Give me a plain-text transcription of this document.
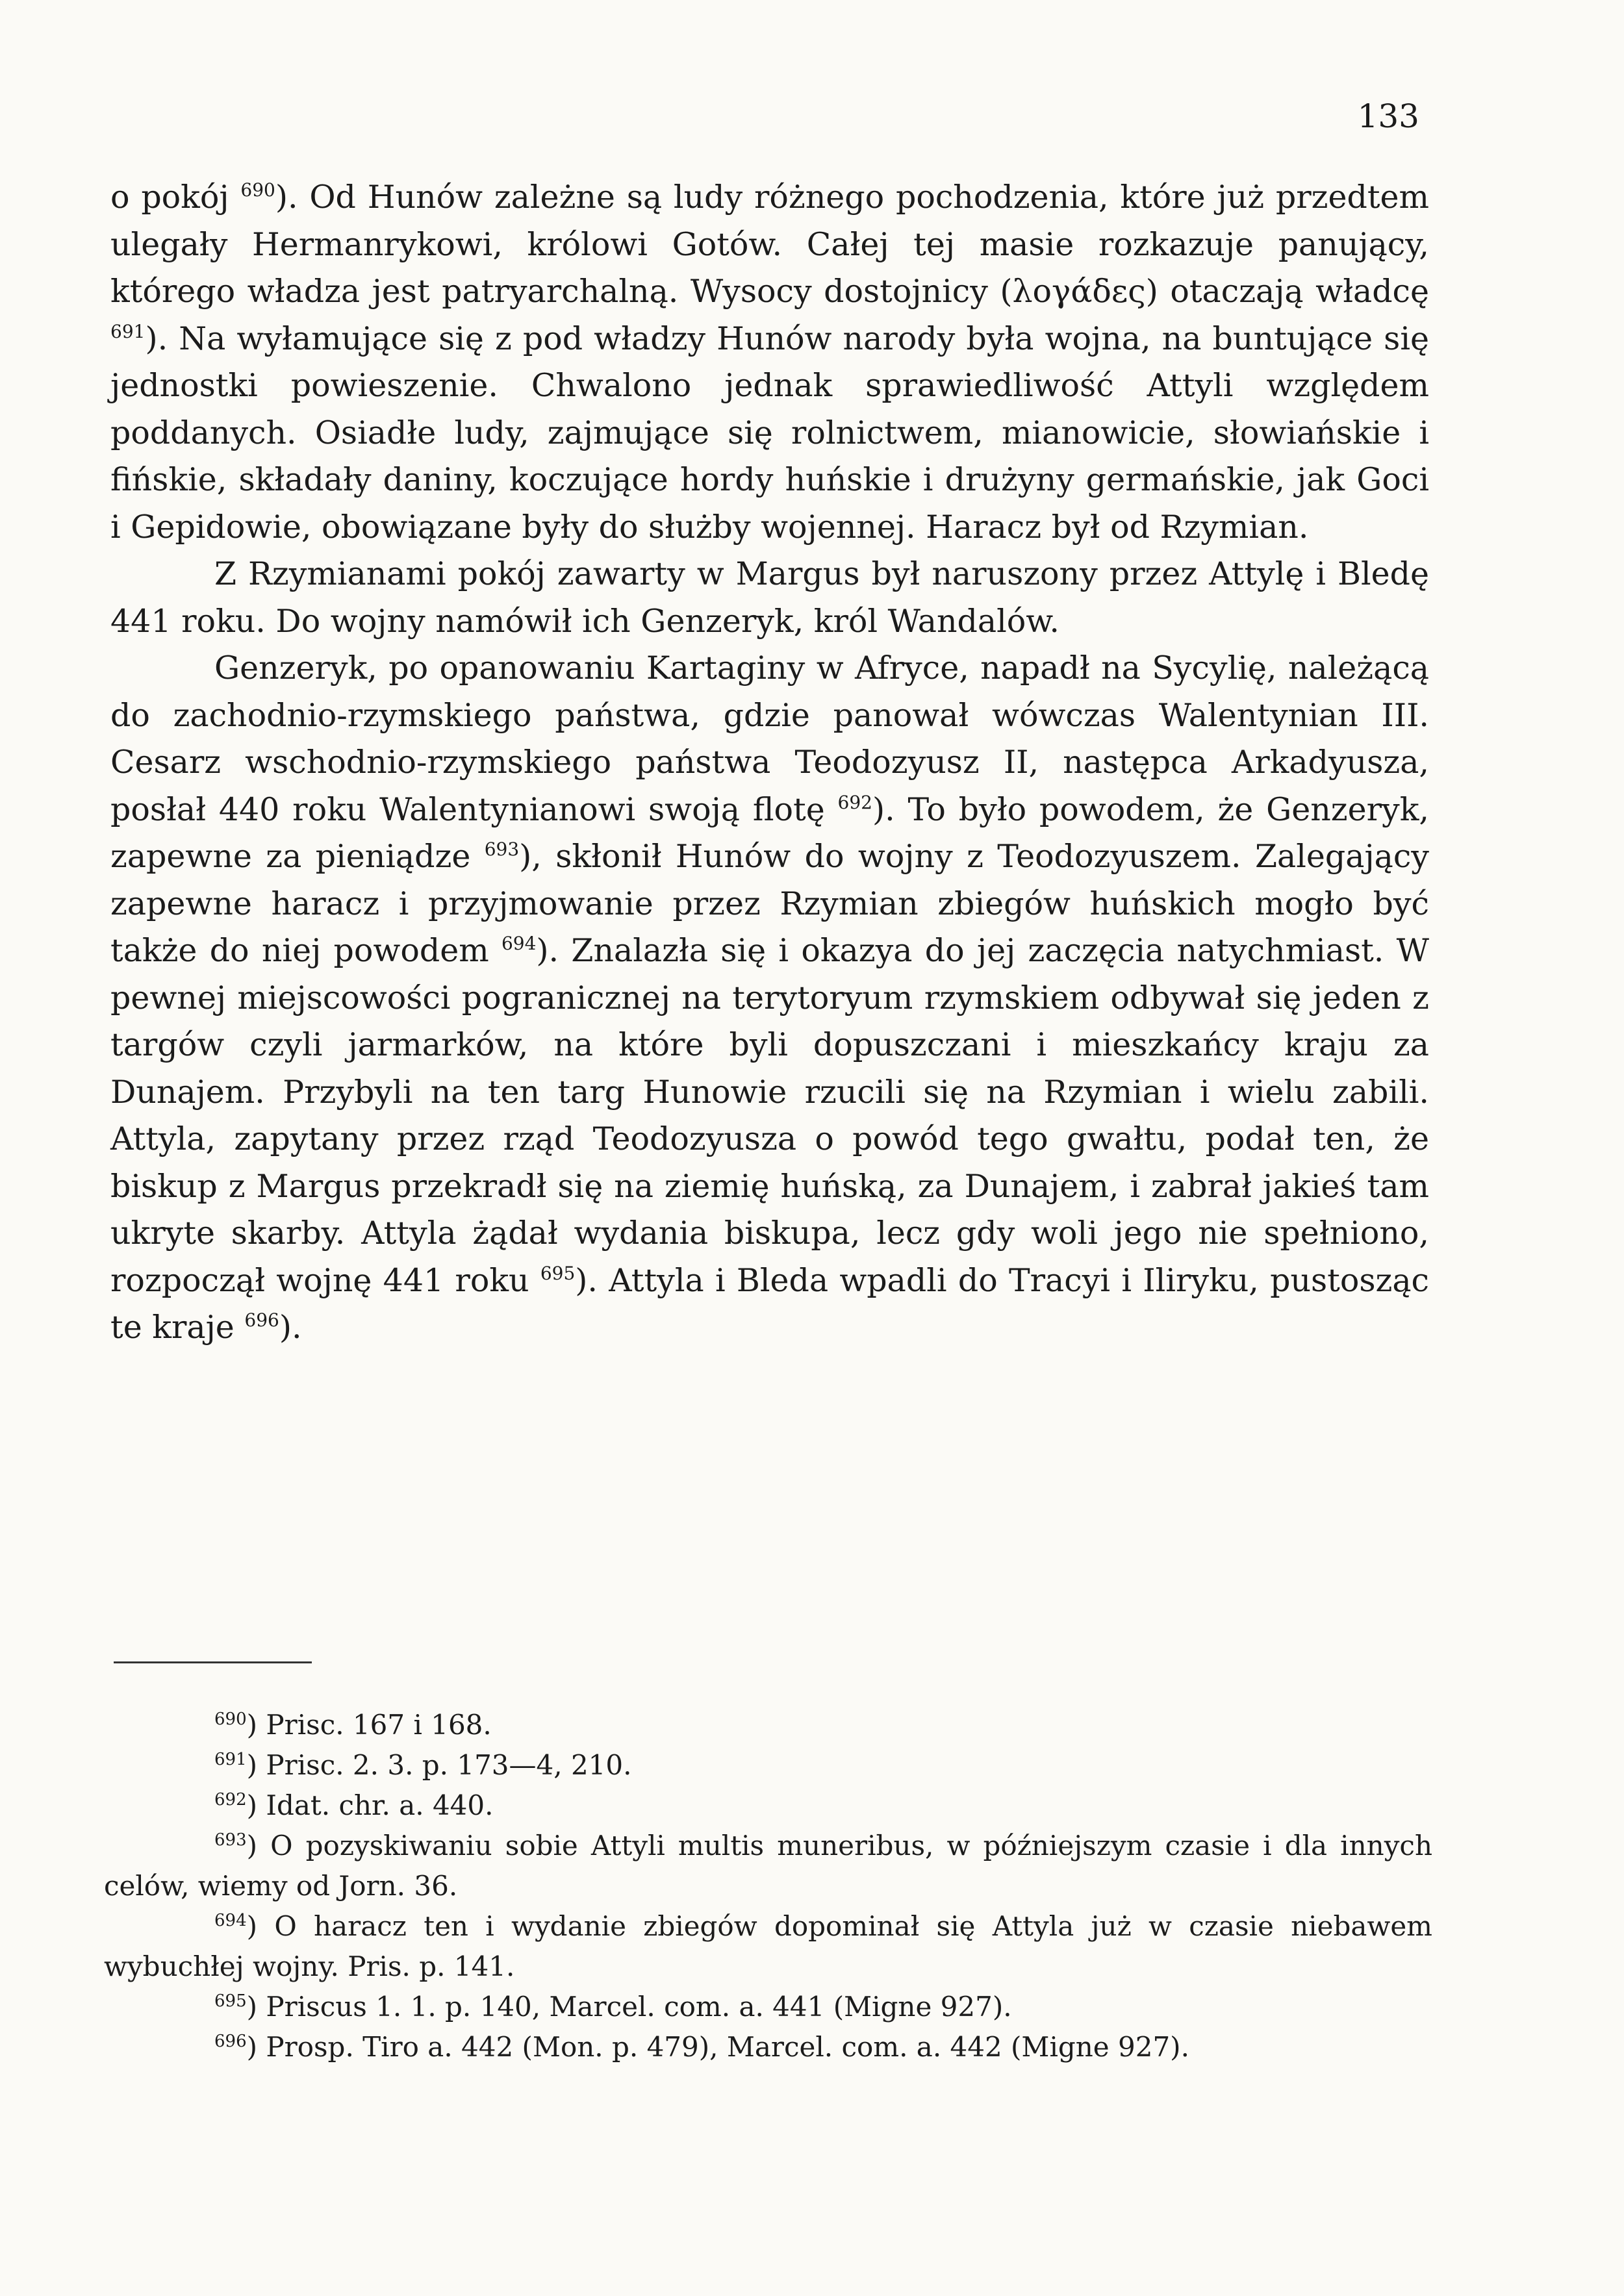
133

o pokój $^{690}$). Od Hunów zależne są ludy różnego pochodzenia, które już przedtem ulegały Hermanrykowi, królowi Gotów. Całej tej masie rozkazuje panujący, którego władza jest patryarchalną. Wysocy dostojnicy (λογάδες) otaczają władcę $^{691}$). Na wyłamujące się z pod władzy Hunów narody była wojna, na buntujące się jednostki powieszenie. Chwalono jednak sprawiedliwość Attyli względem poddanych. Osiadłe ludy, zajmujące się rolnictwem, mianowicie, słowiańskie i fińskie, składały daniny, koczujące hordy huńskie i drużyny germańskie, jak Goci i Gepidowie, obowiązane były do służby wojennej. Haracz był od Rzymian.

Z Rzymianami pokój zawarty w Margus był naruszony przez Attylę i Bledę 441 roku. Do wojny namówił ich Genzeryk, król Wandalów.

Genzeryk, po opanowaniu Kartaginy w Afryce, napadł na Sycylię, należącą do zachodnio-rzymskiego państwa, gdzie panował wówczas Walentynian III. Cesarz wschodnio-rzymskiego państwa Teodozyusz II, następca Arkadyusza, posłał 440 roku Walentynianowi swoją flotę $^{692}$). To było powodem, że Genzeryk, zapewne za pieniądze $^{693}$), skłonił Hunów do wojny z Teodozyuszem. Zalegający zapewne haracz i przyjmowanie przez Rzymian zbiegów huńskich mogło być także do niej powodem $^{694}$). Znalazła się i okazya do jej zaczęcia natychmiast. W pewnej miejscowości pogranicznej na terytoryum rzymskiem odbywał się jeden z targów czyli jarmarków, na które byli dopuszczani i mieszkańcy kraju za Dunajem. Przybyli na ten targ Hunowie rzucili się na Rzymian i wielu zabili. Attyla, zapytany przez rząd Teodozyusza o powód tego gwałtu, podał ten, że biskup z Margus przekradł się na ziemię huńską, za Dunajem, i zabrał jakieś tam ukryte skarby. Attyla żądał wydania biskupa, lecz gdy woli jego nie spełniono, rozpoczął wojnę 441 roku $^{695}$). Attyla i Bleda wpadli do Tracyi i Iliryku, pustosząc te kraje $^{696}$).

$^{690}$) Prisc. 167 i 168.

$^{691}$) Prisc. 2. 3. p. 173—4, 210.

$^{692}$) Idat. chr. a. 440.

$^{693}$) O pozyskiwaniu sobie Attyli multis muneribus, w późniejszym czasie i dla innych celów, wiemy od Jorn. 36.

$^{694}$) O haracz ten i wydanie zbiegów dopominał się Attyla już w czasie niebawem wybuchłej wojny. Pris. p. 141.

$^{695}$) Priscus 1. 1. p. 140, Marcel. com. a. 441 (Migne 927).

$^{696}$) Prosp. Tiro a. 442 (Mon. p. 479), Marcel. com. a. 442 (Migne 927).
